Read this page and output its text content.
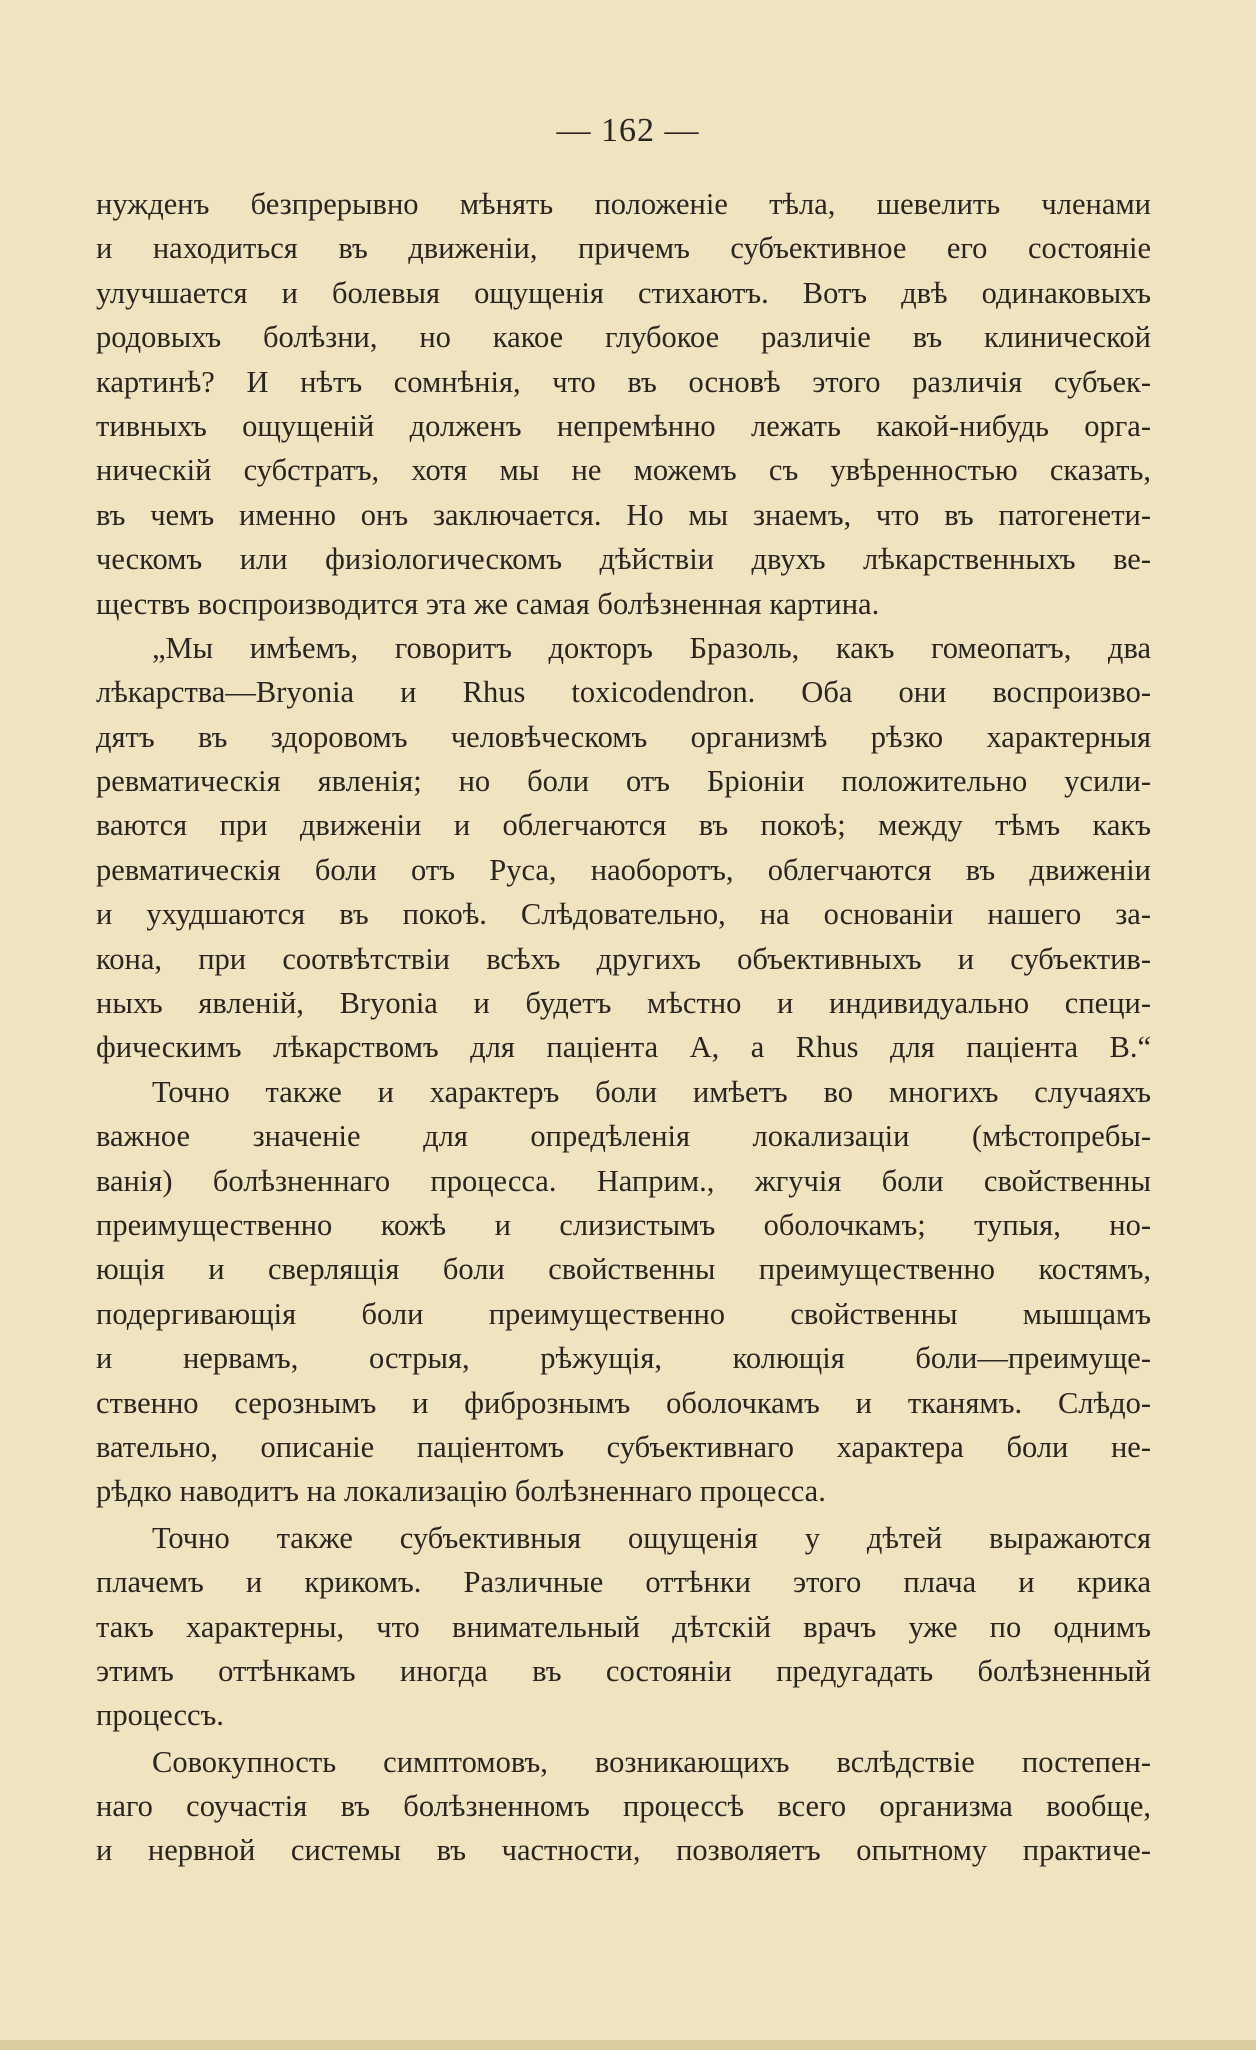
— 162 —
нужденъ безпрерывно мѣнять положеніе тѣла, шевелить членами
и находиться въ движеніи, причемъ субъективное его состояніе
улучшается и болевыя ощущенія стихаютъ. Вотъ двѣ одинаковыхъ
родовыхъ болѣзни, но какое глубокое различіе въ клинической
картинѣ? И нѣтъ сомнѣнія, что въ основѣ этого различія субъек-
тивныхъ ощущеній долженъ непремѣнно лежать какой-нибудь орга-
ническій субстратъ, хотя мы не можемъ съ увѣренностью сказать,
въ чемъ именно онъ заключается. Но мы знаемъ, что въ патогенети-
ческомъ или физіологическомъ дѣйствіи двухъ лѣкарственныхъ ве-
ществъ воспроизводится эта же самая болѣзненная картина.
„Мы имѣемъ, говоритъ докторъ Бразоль, какъ гомеопатъ, два
лѣкарства—Bryonia и Rhus toxicodendron. Оба они воспроизво-
дятъ въ здоровомъ человѣческомъ организмѣ рѣзко характерныя
ревматическія явленія; но боли отъ Бріоніи положительно усили-
ваются при движеніи и облегчаются въ покоѣ; между тѣмъ какъ
ревматическія боли отъ Руса, наоборотъ, облегчаются въ движеніи
и ухудшаются въ покоѣ. Слѣдовательно, на основаніи нашего за-
кона, при соотвѣтствіи всѣхъ другихъ объективныхъ и субъектив-
ныхъ явленій, Bryonia и будетъ мѣстно и индивидуально специ-
фическимъ лѣкарствомъ для паціента А, а Rhus для паціента В.“
Точно также и характеръ боли имѣетъ во многихъ случаяхъ
важное значеніе для опредѣленія локализаціи (мѣстопребы-
ванія) болѣзненнаго процесса. Наприм., жгучія боли свойственны
преимущественно кожѣ и слизистымъ оболочкамъ; тупыя, но-
ющія и сверлящія боли свойственны преимущественно костямъ,
подергивающія боли преимущественно свойственны мышцамъ
и нервамъ, острыя, рѣжущія, колющія боли—преимуще-
ственно серознымъ и фибрознымъ оболочкамъ и тканямъ. Слѣдо-
вательно, описаніе паціентомъ субъективнаго характера боли не-
рѣдко наводитъ на локализацію болѣзненнаго процесса.
Точно также субъективныя ощущенія у дѣтей выражаются
плачемъ и крикомъ. Различные оттѣнки этого плача и крика
такъ характерны, что внимательный дѣтскій врачъ уже по однимъ
этимъ оттѣнкамъ иногда въ состояніи предугадать болѣзненный
процессъ.
Совокупность симптомовъ, возникающихъ вслѣдствіе постепен-
наго соучастія въ болѣзненномъ процессѣ всего организма вообще,
и нервной системы въ частности, позволяетъ опытному практиче-
